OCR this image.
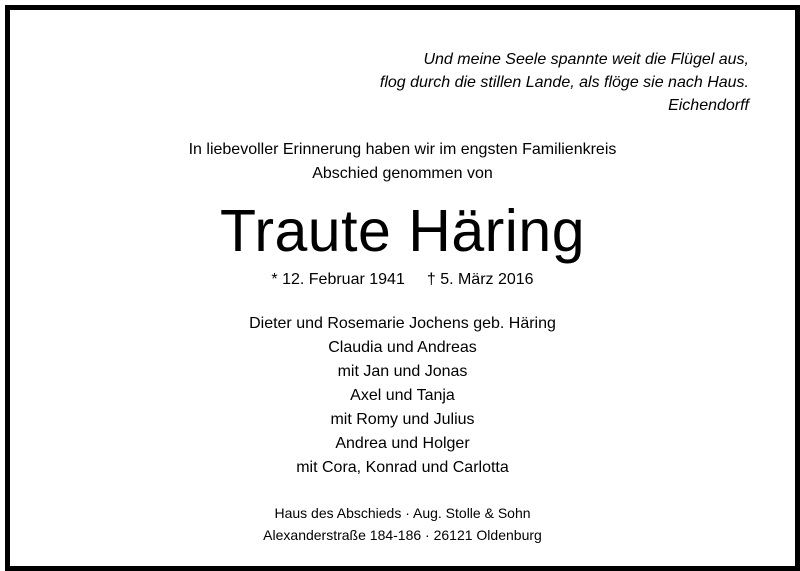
Und meine Seele spannte weit die Flügel aus,
flog durch die stillen Lande, als flöge sie nach Haus.
Eichendorff
In liebevoller Erinnerung haben wir im engsten Familienkreis
Abschied genommen von
Traute Häring
* 12. Februar 1941 † 5. März 2016
Dieter und Rosemarie Jochens geb. Häring
Claudia und Andreas
mit Jan und Jonas
Axel und Tanja
mit Romy und Julius
Andrea und Holger
mit Cora, Konrad und Carlotta
Haus des Abschieds · Aug. Stolle & Sohn
Alexanderstraße 184-186 · 26121 Oldenburg
